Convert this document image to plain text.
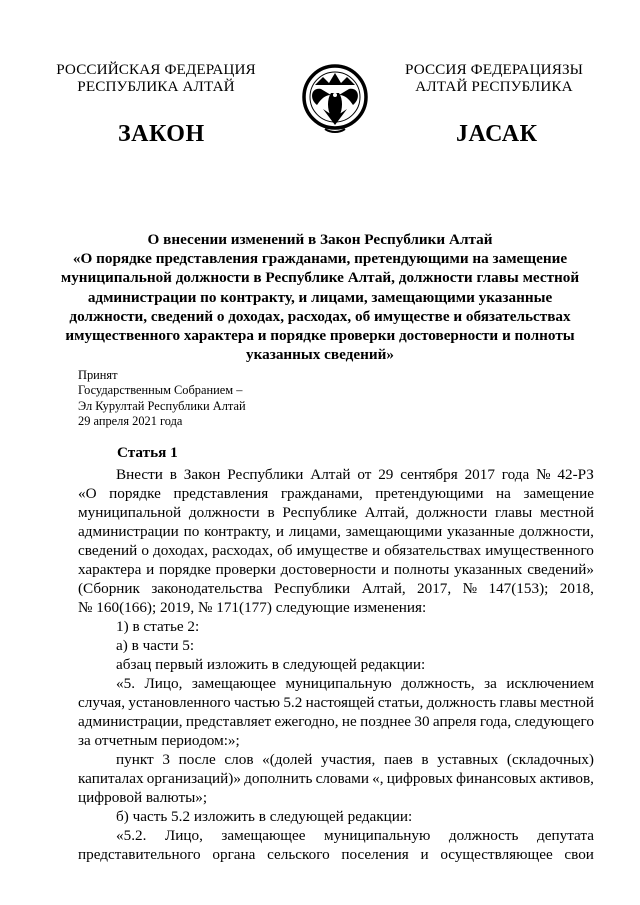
РОССИЙСКАЯ ФЕДЕРАЦИЯ
РЕСПУБЛИКА АЛТАЙ
РОССИЯ ФЕДЕРАЦИЯЗЫ
АЛТАЙ РЕСПУБЛИКА
ЗАКОН	ЈАСАК
О внесении изменений в Закон Республики Алтай
«О порядке представления гражданами, претендующими на замещение
муниципальной должности в Республике Алтай, должности главы местной
администрации по контракту, и лицами, замещающими указанные
должности, сведений о доходах, расходах, об имуществе и обязательствах
имущественного характера и порядке проверки достоверности и полноты
указанных сведений»
Принят
Государственным Собранием –
Эл Курултай Республики Алтай
29 апреля 2021 года
Статья 1
Внести в Закон Республики Алтай от 29 сентября 2017 года № 42-РЗ
«О порядке представления гражданами, претендующими на замещение
муниципальной должности в Республике Алтай, должности главы местной
администрации по контракту, и лицами, замещающими указанные должности,
сведений о доходах, расходах, об имуществе и обязательствах имущественного
характера и порядке проверки достоверности и полноты указанных сведений»
(Сборник законодательства Республики Алтай, 2017, № 147(153); 2018,
№ 160(166); 2019, № 171(177) следующие изменения:
1) в статье 2:
а) в части 5:
абзац первый изложить в следующей редакции:
«5. Лицо, замещающее муниципальную должность, за исключением
случая, установленного частью 5.2 настоящей статьи, должность главы местной
администрации, представляет ежегодно, не позднее 30 апреля года, следующего
за отчетным периодом:»;
пункт 3 после слов «(долей участия, паев в уставных (складочных)
капиталах организаций)» дополнить словами «, цифровых финансовых активов,
цифровой валюты»;
б) часть 5.2 изложить в следующей редакции:
«5.2. Лицо, замещающее муниципальную должность депутата
представительного органа сельского поселения и осуществляющее свои
